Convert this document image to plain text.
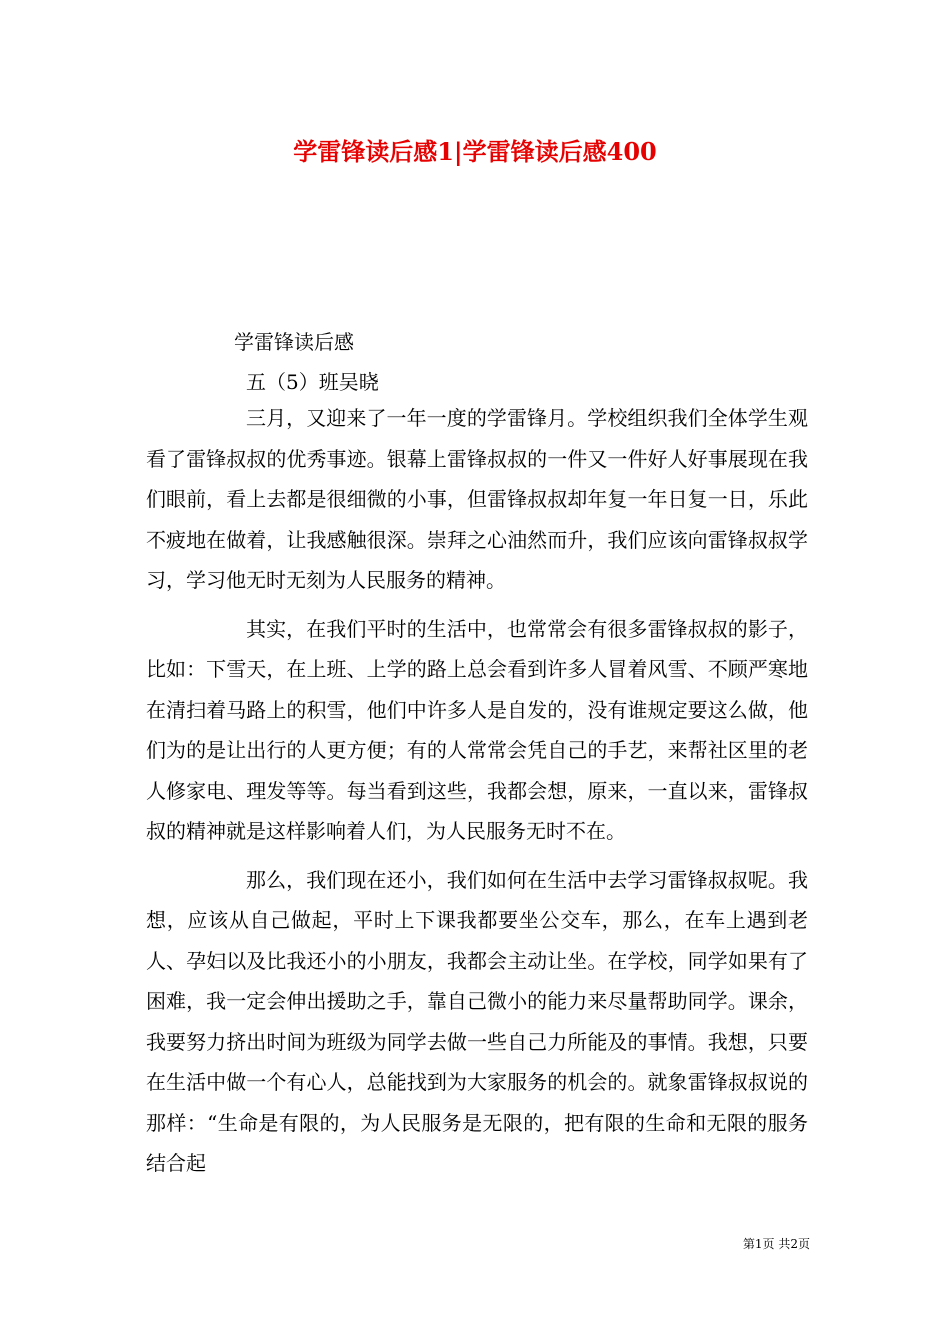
学雷锋读后感1|学雷锋读后感400

学雷锋读后感

五（5）班吴晓

三月，又迎来了一年一度的学雷锋月。学校组织我们全体学生观看了雷锋叔叔的优秀事迹。银幕上雷锋叔叔的一件又一件好人好事展现在我们眼前，看上去都是很细微的小事，但雷锋叔叔却年复一年日复一日，乐此不疲地在做着，让我感触很深。崇拜之心油然而升，我们应该向雷锋叔叔学习，学习他无时无刻为人民服务的精神。

其实，在我们平时的生活中，也常常会有很多雷锋叔叔的影子，比如：下雪天，在上班、上学的路上总会看到许多人冒着风雪、不顾严寒地在清扫着马路上的积雪，他们中许多人是自发的，没有谁规定要这么做，他们为的是让出行的人更方便；有的人常常会凭自己的手艺，来帮社区里的老人修家电、理发等等。每当看到这些，我都会想，原来，一直以来，雷锋叔叔的精神就是这样影响着人们，为人民服务无时不在。

那么，我们现在还小，我们如何在生活中去学习雷锋叔叔呢。我想，应该从自己做起，平时上下课我都要坐公交车，那么，在车上遇到老人、孕妇以及比我还小的小朋友，我都会主动让坐。在学校，同学如果有了困难，我一定会伸出援助之手，靠自己微小的能力来尽量帮助同学。课余，我要努力挤出时间为班级为同学去做一些自己力所能及的事情。我想，只要在生活中做一个有心人，总能找到为大家服务的机会的。就象雷锋叔叔说的那样：“生命是有限的，为人民服务是无限的，把有限的生命和无限的服务结合起

第1页 共2页
